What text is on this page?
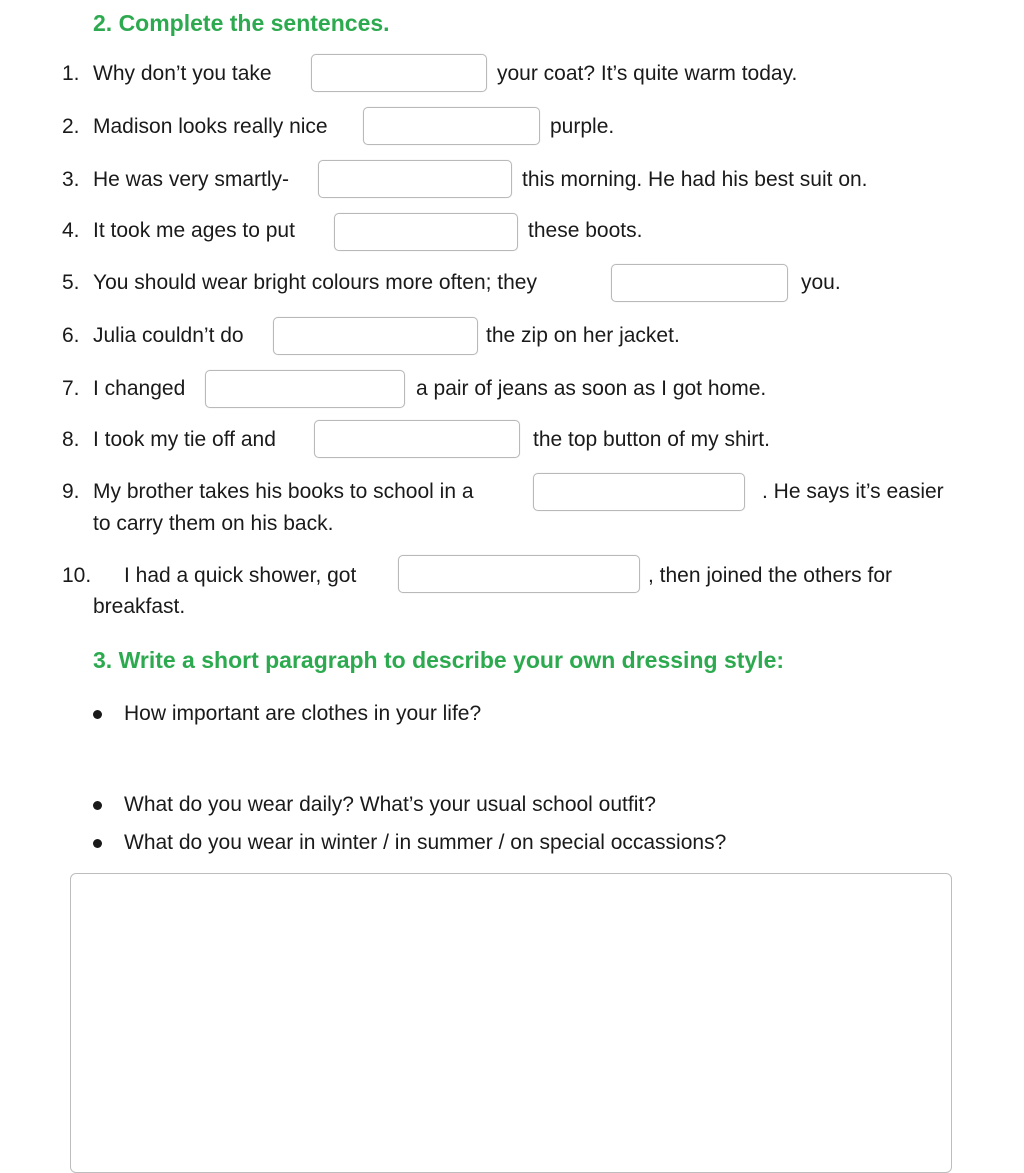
2. Complete the sentences.
1. Why don’t you take	your coat? It’s quite warm today.
2. Madison looks really nice	purple.
3. He was very smartly-	this morning. He had his best suit on.
4. It took me ages to put	these boots.
5. You should wear bright colours more often; they	you.
6. Julia couldn’t do	the zip on her jacket.
7. I changed	a pair of jeans as soon as I got home.
8. I took my tie off and	the top button of my shirt.
9. My brother takes his books to school in a	. He says it’s easier
to carry them on his back.
10. I had a quick shower, got	, then joined the others for
breakfast.
3. Write a short paragraph to describe your own dressing style:
How important are clothes in your life?
What do you wear daily? What’s your usual school outfit?
What do you wear in winter / in summer / on special occassions?
